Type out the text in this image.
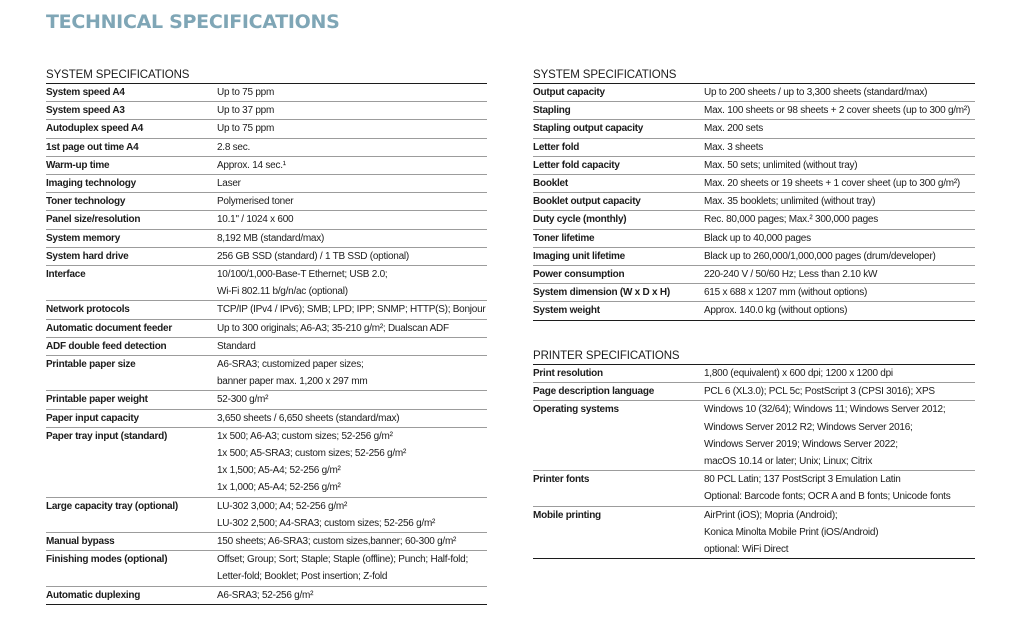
TECHNICAL SPECIFICATIONS
SYSTEM SPECIFICATIONS
System speed A4	Up to 75 ppm
System speed A3	Up to 37 ppm
Autoduplex speed A4	Up to 75 ppm
1st page out time A4	2.8 sec.
Warm-up time	Approx. 14 sec.¹
Imaging technology	Laser
Toner technology	Polymerised toner
Panel size/resolution	10.1" / 1024 x 600
System memory	8,192 MB (standard/max)
System hard drive	256 GB SSD (standard) / 1 TB SSD (optional)
Interface	10/100/1,000-Base-T Ethernet; USB 2.0;
Wi-Fi 802.11 b/g/n/ac (optional)
Network protocols	TCP/IP (IPv4 / IPv6); SMB; LPD; IPP; SNMP; HTTP(S); Bonjour
Automatic document feeder	Up to 300 originals; A6-A3; 35-210 g/m²; Dualscan ADF
ADF double feed detection	Standard
Printable paper size	A6-SRA3; customized paper sizes;
banner paper max. 1,200 x 297 mm
Printable paper weight	52-300 g/m²
Paper input capacity	3,650 sheets / 6,650 sheets (standard/max)
Paper tray input (standard)	1x 500; A6-A3; custom sizes; 52-256 g/m²
1x 500; A5-SRA3; custom sizes; 52-256 g/m²
1x 1,500; A5-A4; 52-256 g/m²
1x 1,000; A5-A4; 52-256 g/m²
Large capacity tray (optional)	LU-302 3,000; A4; 52-256 g/m²
LU-302 2,500; A4-SRA3; custom sizes; 52-256 g/m²
Manual bypass	150 sheets; A6-SRA3; custom sizes,banner; 60-300 g/m²
Finishing modes (optional)	Offset; Group; Sort; Staple; Staple (offline); Punch; Half-fold;
Letter-fold; Booklet; Post insertion; Z-fold
Automatic duplexing	A6-SRA3; 52-256 g/m²
SYSTEM SPECIFICATIONS
Output capacity	Up to 200 sheets / up to 3,300 sheets (standard/max)
Stapling	Max. 100 sheets or 98 sheets + 2 cover sheets (up to 300 g/m²)
Stapling output capacity	Max. 200 sets
Letter fold	Max. 3 sheets
Letter fold capacity	Max. 50 sets; unlimited (without tray)
Booklet	Max. 20 sheets or 19 sheets + 1 cover sheet (up to 300 g/m²)
Booklet output capacity	Max. 35 booklets; unlimited (without tray)
Duty cycle (monthly)	Rec. 80,000 pages; Max.² 300,000 pages
Toner lifetime	Black up to 40,000 pages
Imaging unit lifetime	Black up to 260,000/1,000,000 pages (drum/developer)
Power consumption	220-240 V / 50/60 Hz; Less than 2.10 kW
System dimension (W x D x H)	615 x 688 x 1207 mm (without options)
System weight	Approx. 140.0 kg (without options)
PRINTER SPECIFICATIONS
Print resolution	1,800 (equivalent) x 600 dpi; 1200 x 1200 dpi
Page description language	PCL 6 (XL3.0); PCL 5c; PostScript 3 (CPSI 3016); XPS
Operating systems	Windows 10 (32/64); Windows 11; Windows Server 2012;
Windows Server 2012 R2; Windows Server 2016;
Windows Server 2019; Windows Server 2022;
macOS 10.14 or later; Unix; Linux; Citrix
Printer fonts	80 PCL Latin; 137 PostScript 3 Emulation Latin
Optional: Barcode fonts; OCR A and B fonts; Unicode fonts
Mobile printing	AirPrint (iOS); Mopria (Android);
Konica Minolta Mobile Print (iOS/Android)
optional: WiFi Direct
